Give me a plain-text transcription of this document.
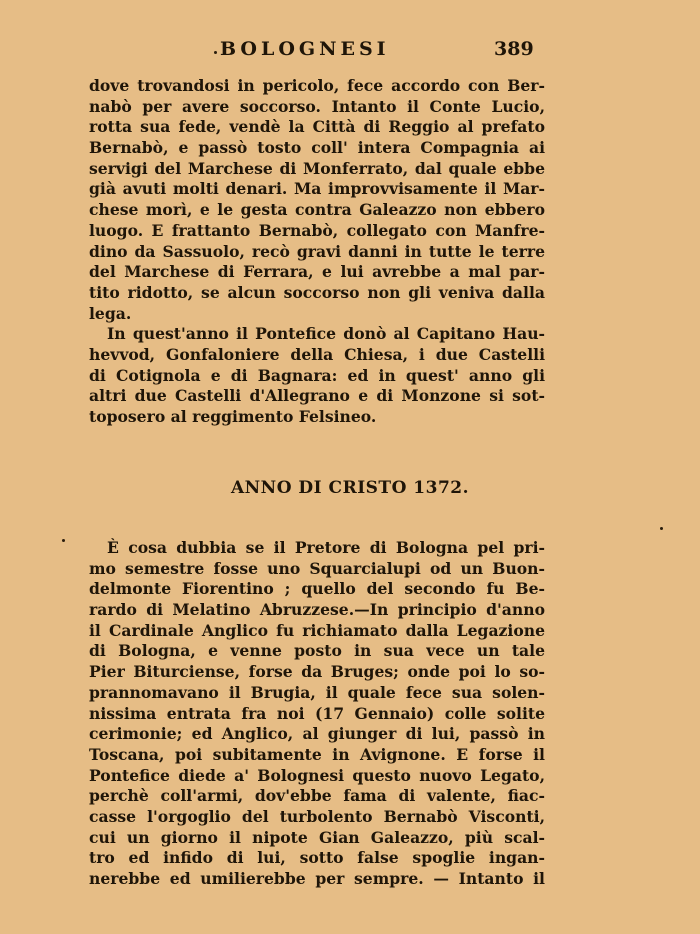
BOLOGNESI	389
dove trovandosi in pericolo, fece accordo con Ber-
nabò per avere soccorso. Intanto il Conte Lucio,
rotta sua fede, vendè la Città di Reggio al prefato
Bernabò, e passò tosto coll' intera Compagnia ai
servigi del Marchese di Monferrato, dal quale ebbe
già avuti molti denari. Ma improvvisamente il Mar-
chese morì, e le gesta contra Galeazzo non ebbero
luogo. E frattanto Bernabò, collegato con Manfre-
dino da Sassuolo, recò gravi danni in tutte le terre
del Marchese di Ferrara, e lui avrebbe a mal par-
tito ridotto, se alcun soccorso non gli veniva dalla
lega.
In quest'anno il Pontefice donò al Capitano Hau-
hevvod, Gonfaloniere della Chiesa, i due Castelli
di Cotignola e di Bagnara: ed in quest' anno gli
altri due Castelli d'Allegrano e di Monzone si sot-
toposero al reggimento Felsineo.
ANNO DI CRISTO 1372.
È cosa dubbia se il Pretore di Bologna pel pri-
mo semestre fosse uno Squarcialupi od un Buon-
delmonte Fiorentino ; quello del secondo fu Be-
rardo di Melatino Abruzzese.—In principio d'anno
il Cardinale Anglico fu richiamato dalla Legazione
di Bologna, e venne posto in sua vece un tale
Pier Biturciense, forse da Bruges; onde poi lo so-
prannomavano il Brugia, il quale fece sua solen-
nissima entrata fra noi (17 Gennaio) colle solite
cerimonie; ed Anglico, al giunger di lui, passò in
Toscana, poi subitamente in Avignone. E forse il
Pontefice diede a' Bolognesi questo nuovo Legato,
perchè coll'armi, dov'ebbe fama di valente, fiac-
casse l'orgoglio del turbolento Bernabò Visconti,
cui un giorno il nipote Gian Galeazzo, più scal-
tro ed infido di lui, sotto false spoglie ingan-
nerebbe ed umilierebbe per sempre. — Intanto il
